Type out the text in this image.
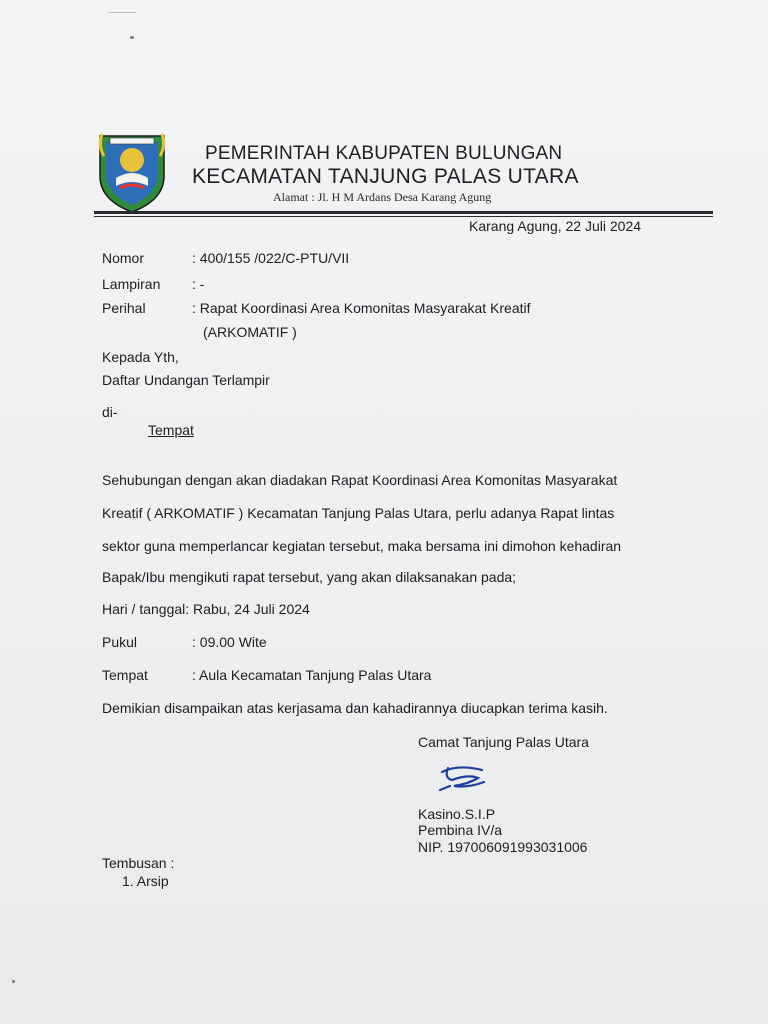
PEMERINTAH KABUPATEN BULUNGAN
KECAMATAN TANJUNG PALAS UTARA
Alamat : Jl. H M Ardans Desa Karang Agung
Karang Agung, 22 Juli 2024
Nomor	: 400/155 /022/C-PTU/VII
Lampiran : -
Perihal	: Rapat Koordinasi Area Komonitas Masyarakat Kreatif
(ARKOMATIF )
Kepada Yth,
Daftar Undangan Terlampir
di-
Tempat
Sehubungan dengan akan diadakan Rapat Koordinasi Area Komonitas Masyarakat
Kreatif ( ARKOMATIF ) Kecamatan Tanjung Palas Utara, perlu adanya Rapat lintas
sektor guna memperlancar kegiatan tersebut, maka bersama ini dimohon kehadiran
Bapak/Ibu mengikuti rapat tersebut, yang akan dilaksanakan pada;
Hari / tanggal: Rabu, 24 Juli 2024
Pukul	: 09.00 Wite
Tempat	: Aula Kecamatan Tanjung Palas Utara
Demikian disampaikan atas kerjasama dan kahadirannya diucapkan terima kasih.
Camat Tanjung Palas Utara
Kasino.S.I.P
Pembina IV/a
NIP. 197006091993031006
Tembusan :
1. Arsip
